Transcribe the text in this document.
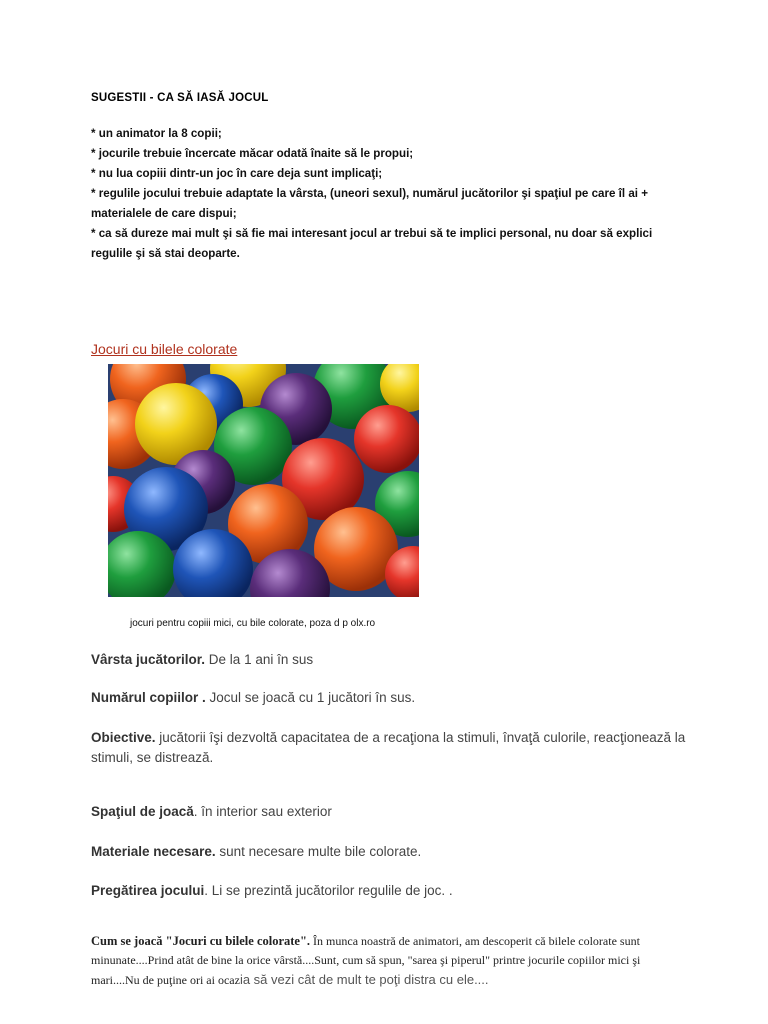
SUGESTII - CA SĂ IASĂ JOCUL
* un animator la 8 copii;
* jocurile trebuie încercate măcar odată înaite să le propui;
* nu lua copiii dintr-un joc în care deja sunt implicaţi;
* regulile jocului trebuie adaptate la vârsta, (uneori sexul), numărul jucătorilor şi spaţiul pe care îl ai +
materialele de care dispui;
* ca să dureze mai mult şi să fie mai interesant jocul ar trebui să te implici personal, nu doar să explici
regulile şi să stai deoparte.
Jocuri cu bilele colorate
jocuri pentru copiii mici, cu bile colorate, poza d p olx.ro
Vârsta jucătorilor. De la 1 ani în sus
Numărul copiilor . Jocul se joacă cu 1 jucători în sus.
Obiective. jucătorii îşi dezvoltă capacitatea de a recaţiona la stimuli, învaţă culorile, reacţionează la stimuli, se distrează.
Spaţiul de joacă. în interior sau exterior
Materiale necesare. sunt necesare multe bile colorate.
Pregătirea jocului. Li se prezintă jucătorilor regulile de joc. .
Cum se joacă "Jocuri cu bilele colorate". În munca noastră de animatori, am descoperit că bilele colorate sunt minunate....Prind atât de bine la orice vârstă....Sunt, cum să spun, "sarea şi piperul" printre jocurile copiilor mici şi mari....Nu de puţine ori ai ocazia să vezi cât de mult te poţi distra cu ele....
